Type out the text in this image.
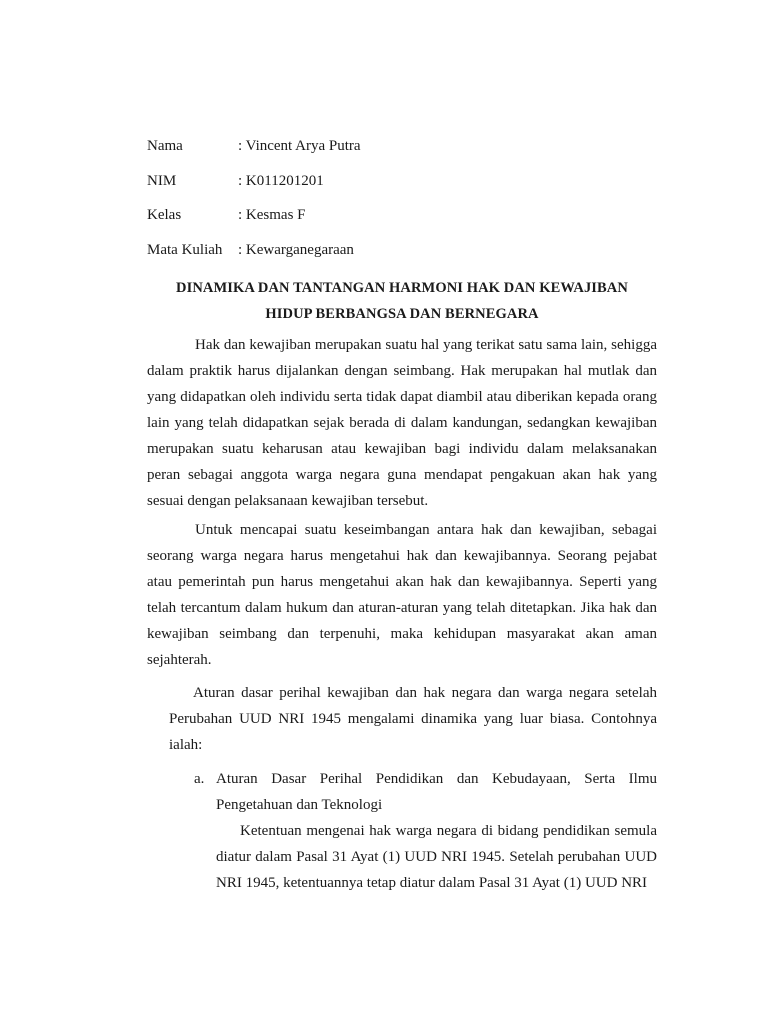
Nama	: Vincent Arya Putra
NIM	: K011201201
Kelas	: Kesmas F
Mata Kuliah	: Kewarganegaraan
DINAMIKA DAN TANTANGAN HARMONI HAK DAN KEWAJIBAN
HIDUP BERBANGSA DAN BERNEGARA
Hak dan kewajiban merupakan suatu hal yang terikat satu sama lain, sehigga dalam praktik harus dijalankan dengan seimbang. Hak merupakan hal mutlak dan yang didapatkan oleh individu serta tidak dapat diambil atau diberikan kepada orang lain yang telah didapatkan sejak berada di dalam kandungan, sedangkan kewajiban merupakan suatu keharusan atau kewajiban bagi individu dalam melaksanakan peran sebagai anggota warga negara guna mendapat pengakuan akan hak yang sesuai dengan pelaksanaan kewajiban tersebut.
Untuk mencapai suatu keseimbangan antara hak dan kewajiban, sebagai seorang warga negara harus mengetahui hak dan kewajibannya. Seorang pejabat atau pemerintah pun harus mengetahui akan hak dan kewajibannya. Seperti yang telah tercantum dalam hukum dan aturan-aturan yang telah ditetapkan. Jika hak dan kewajiban seimbang dan terpenuhi, maka kehidupan masyarakat akan aman sejahterah.
Aturan dasar perihal kewajiban dan hak negara dan warga negara setelah Perubahan UUD NRI 1945 mengalami dinamika yang luar biasa. Contohnya ialah:
a. Aturan Dasar Perihal Pendidikan dan Kebudayaan, Serta Ilmu Pengetahuan dan Teknologi
Ketentuan mengenai hak warga negara di bidang pendidikan semula diatur dalam Pasal 31 Ayat (1) UUD NRI 1945. Setelah perubahan UUD NRI 1945, ketentuannya tetap diatur dalam Pasal 31 Ayat (1) UUD NRI
